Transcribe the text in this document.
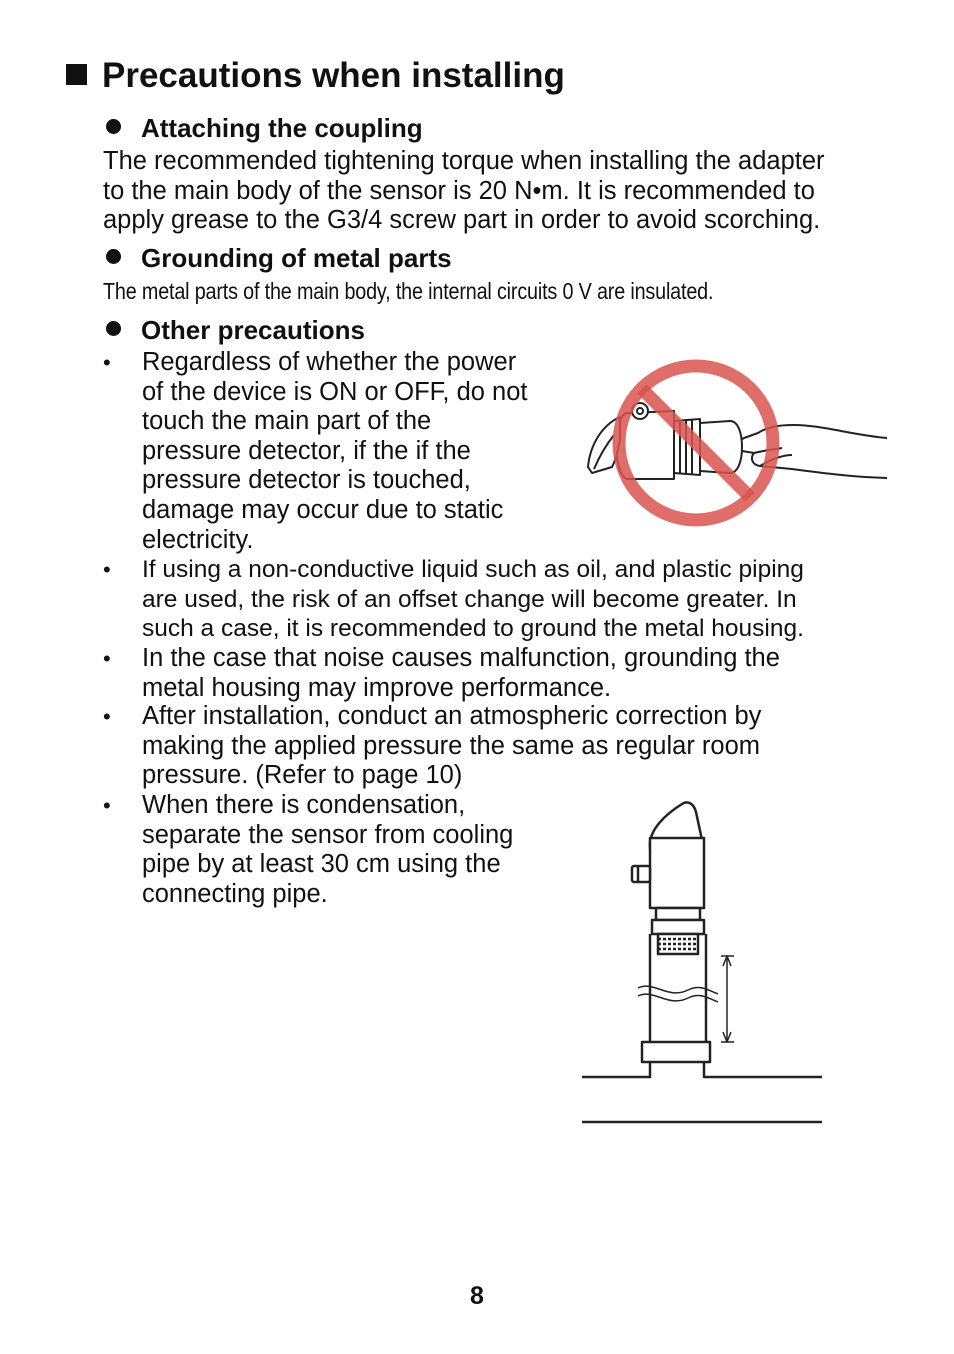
Precautions when installing
Attaching the coupling
The recommended tightening torque when installing the adapter
to the main body of the sensor is 20 N•m. It is recommended to
apply grease to the G3/4 screw part in order to avoid scorching.
Grounding of metal parts
The metal parts of the main body, the internal circuits 0 V are insulated.
Other precautions
• Regardless of whether the power
of the device is ON or OFF, do not
touch the main part of the
pressure detector, if the if the
pressure detector is touched,
damage may occur due to static
electricity.
• If using a non-conductive liquid such as oil, and plastic piping
are used, the risk of an offset change will become greater. In
such a case, it is recommended to ground the metal housing.
• In the case that noise causes malfunction, grounding the
metal housing may improve performance.
• After installation, conduct an atmospheric correction by
making the applied pressure the same as regular room
pressure. (Refer to page 10)
• When there is condensation,
separate the sensor from cooling
pipe by at least 30 cm using the
connecting pipe.
8
